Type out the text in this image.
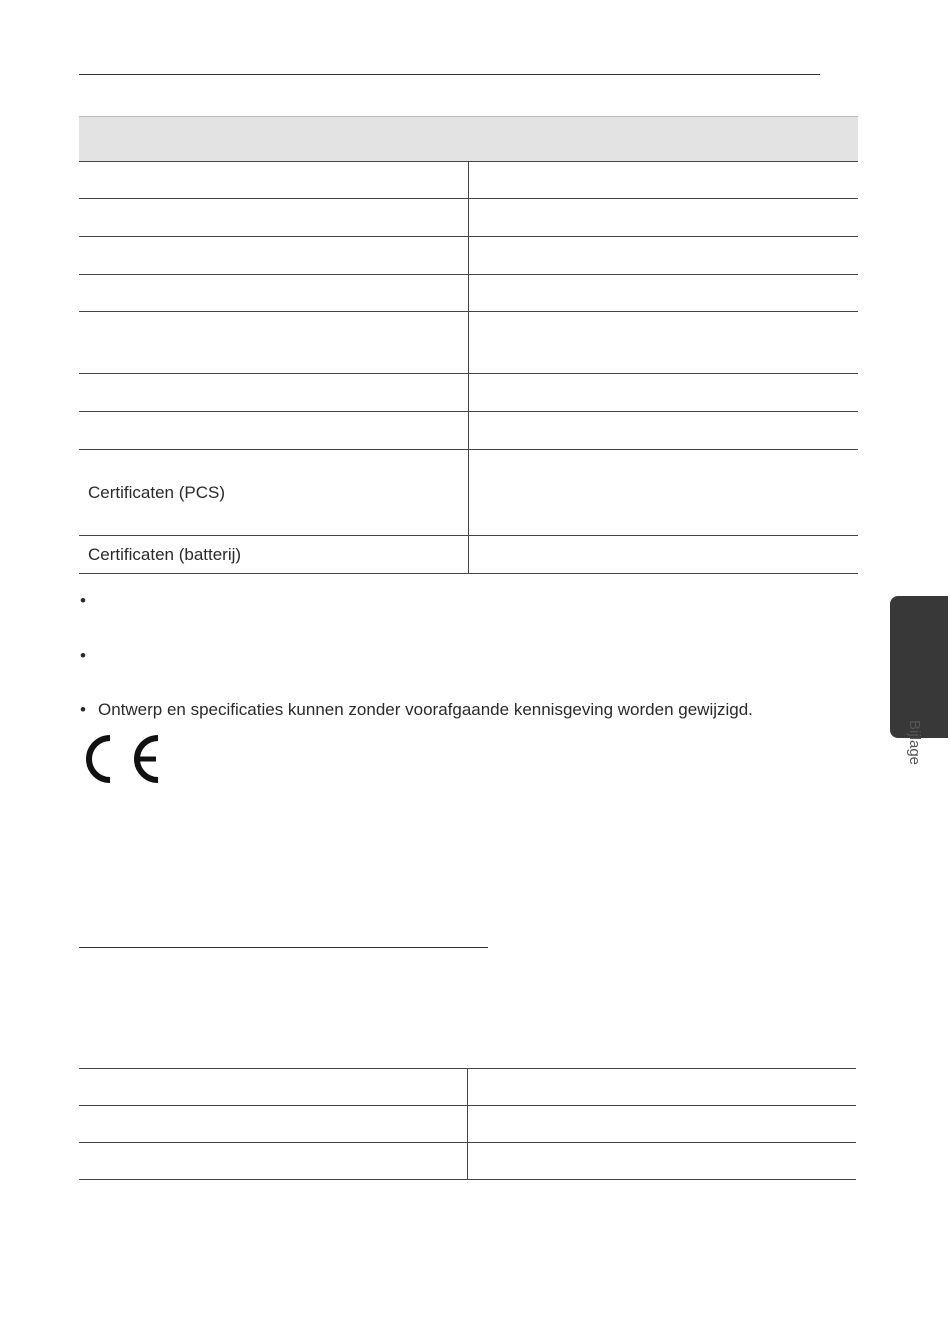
Certificaten (PCS)	
Certificaten (batterij)	
•
•
• Ontwerp en specificaties kunnen zonder voorafgaande kennisgeving worden gewijzigd.
Bijlage
